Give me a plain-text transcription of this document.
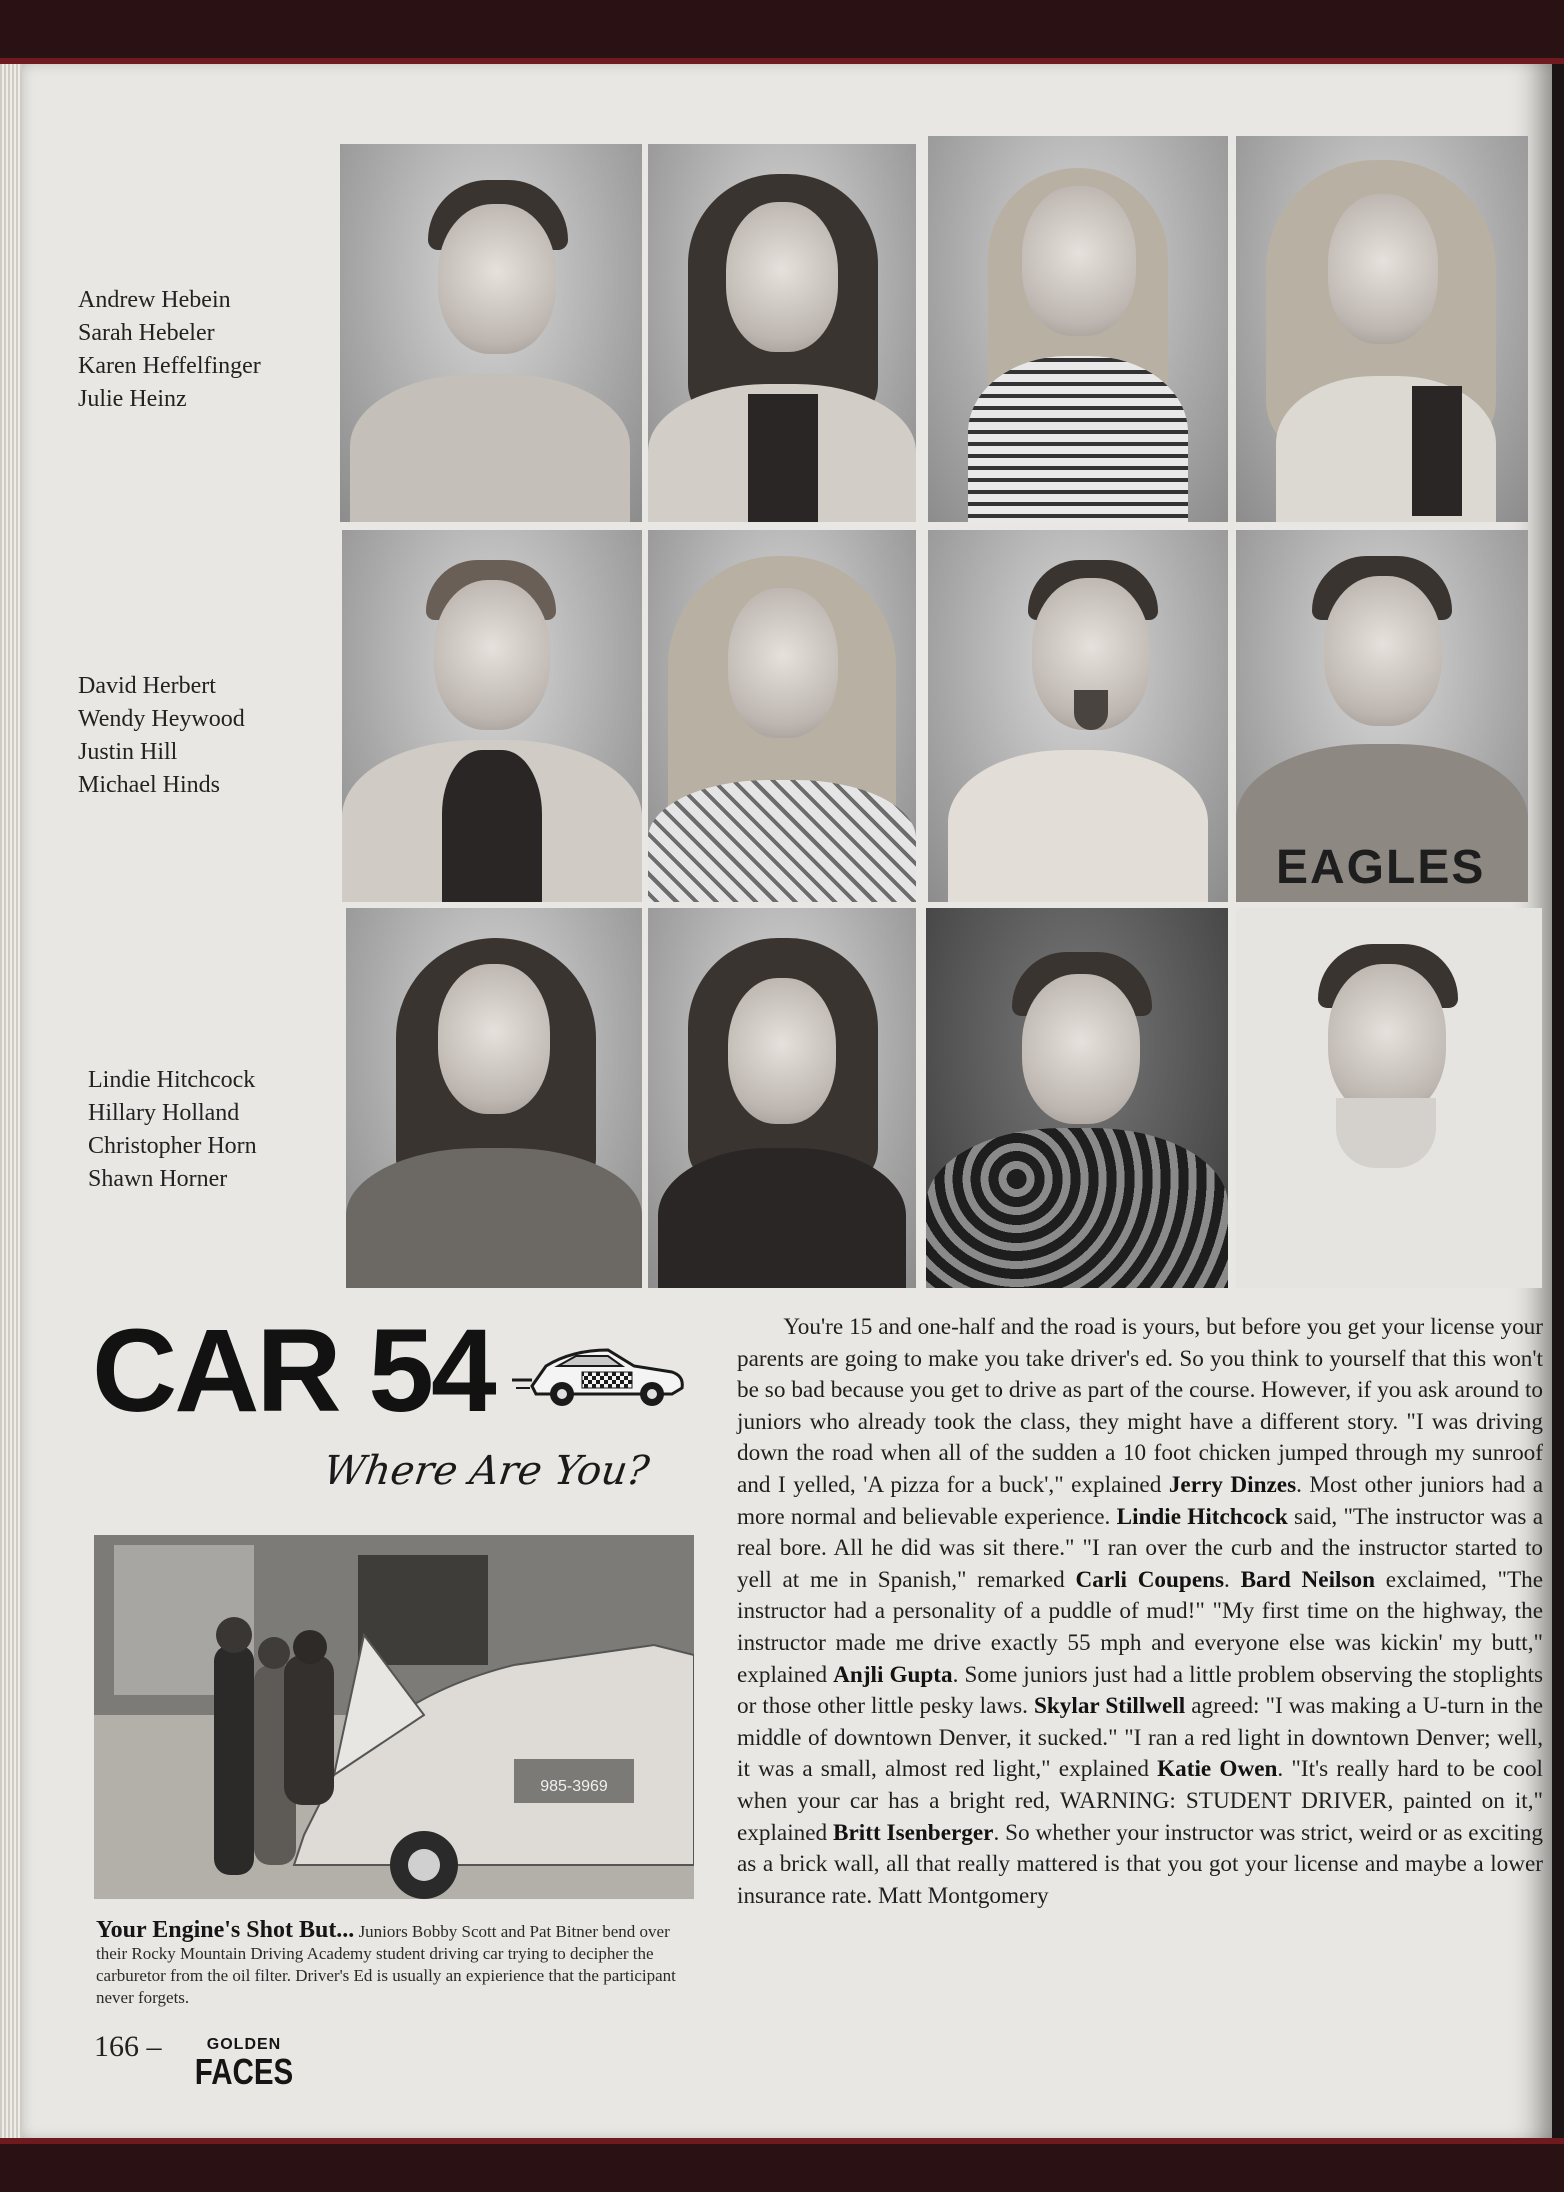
Andrew Hebein
Sarah Hebeler
Karen Heffelfinger
Julie Heinz
David Herbert
Wendy Heywood
Justin Hill
Michael Hinds
EAGLES
Lindie Hitchcock
Hillary Holland
Christopher Horn
Shawn Horner
CAR 54
Where Are You?
985-3969
Your Engine's Shot But... Juniors Bobby Scott and Pat Bitner bend over their Rocky Mountain Driving Academy student driving car trying to decipher the carburetor from the oil filter. Driver's Ed is usually an expierience that the participant never forgets.

  You're 15 and one-half and the road is yours, but before you get your license your parents are going to make you take driver's ed. So you think to yourself that this won't be so bad because you get to drive as part of the course. However, if you ask around to juniors who already took the class, they might have a different story. "I was driving down the road when all of the sudden a 10 foot chicken jumped through my sunroof and I yelled, 'A pizza for a buck'," explained Jerry Dinzes. Most other juniors had a more normal and believable experience. Lindie Hitchcock said, "The instructor was a real bore. All he did was sit there." "I ran over the curb and the instructor started to yell at me in Spanish," remarked Carli Coupens. Bard Neilson exclaimed, "The instructor had a personality of a puddle of mud!" "My first time on the highway, the instructor made me drive exactly 55 mph and everyone else was kickin' my butt," explained Anjli Gupta. Some juniors just had a little problem observing the stoplights or those other little pesky laws. Skylar Stillwell agreed: "I was making a U-turn in the middle of downtown Denver, it sucked." "I ran a red light in downtown Denver; well, it was a small, almost red light," explained Katie Owen. "It's really hard to be cool when your car has a bright red, WARNING: STUDENT DRIVER, painted on it," explained Britt Isenberger. So whether your instructor was strict, weird or as exciting as a brick wall, all that really mattered is that you got your license and maybe a lower insurance rate. Matt Montgomery

166 –	GOLDEN
FACES
